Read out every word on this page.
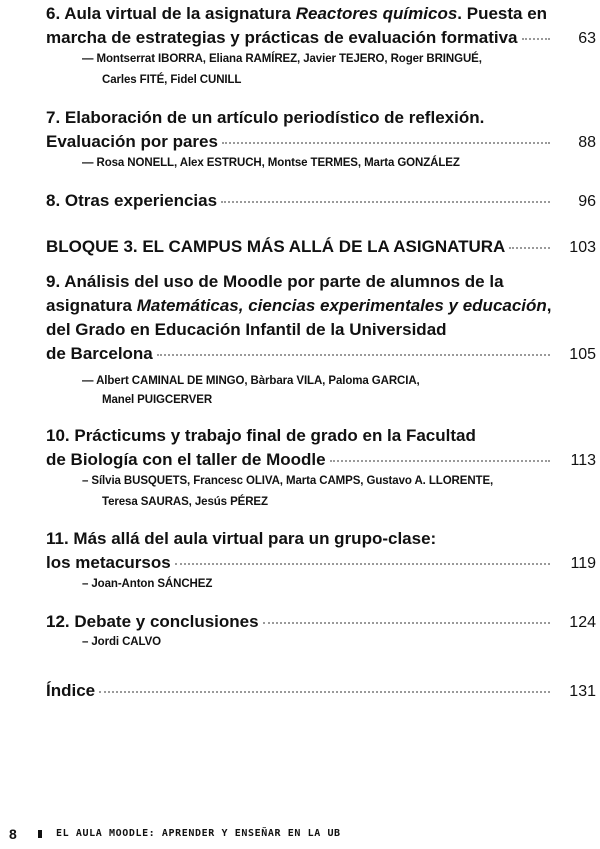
6. Aula virtual de la asignatura Reactores químicos. Puesta en
marcha de estrategias y prácticas de evaluación formativa	63
— Montserrat IBORRA, Eliana RAMÍREZ, Javier TEJERO, Roger BRINGUÉ,
Carles FITÉ, Fidel CUNILL
7. Elaboración de un artículo periodístico de reflexión.
Evaluación por pares	88
— Rosa NONELL, Alex ESTRUCH, Montse TERMES, Marta GONZÁLEZ
8. Otras experiencias	96
BLOQUE 3. EL CAMPUS MÁS ALLÁ DE LA ASIGNATURA	103
9. Análisis del uso de Moodle por parte de alumnos de la
asignatura Matemáticas, ciencias experimentales y educación,
del Grado en Educación Infantil de la Universidad
de Barcelona	105
— Albert CAMINAL DE MINGO, Bàrbara VILA, Paloma GARCIA,
Manel PUIGCERVER
10. Prácticums y trabajo final de grado en la Facultad
de Biología con el taller de Moodle	113
– Sílvia BUSQUETS, Francesc OLIVA, Marta CAMPS, Gustavo A. LLORENTE,
Teresa SAURAS, Jesús PÉREZ
11. Más allá del aula virtual para un grupo-clase:
los metacursos	119
– Joan-Anton SÁNCHEZ
12. Debate y conclusiones	124
– Jordi CALVO
Índice	131
8	EL AULA MOODLE: APRENDER Y ENSEÑAR EN LA UB
